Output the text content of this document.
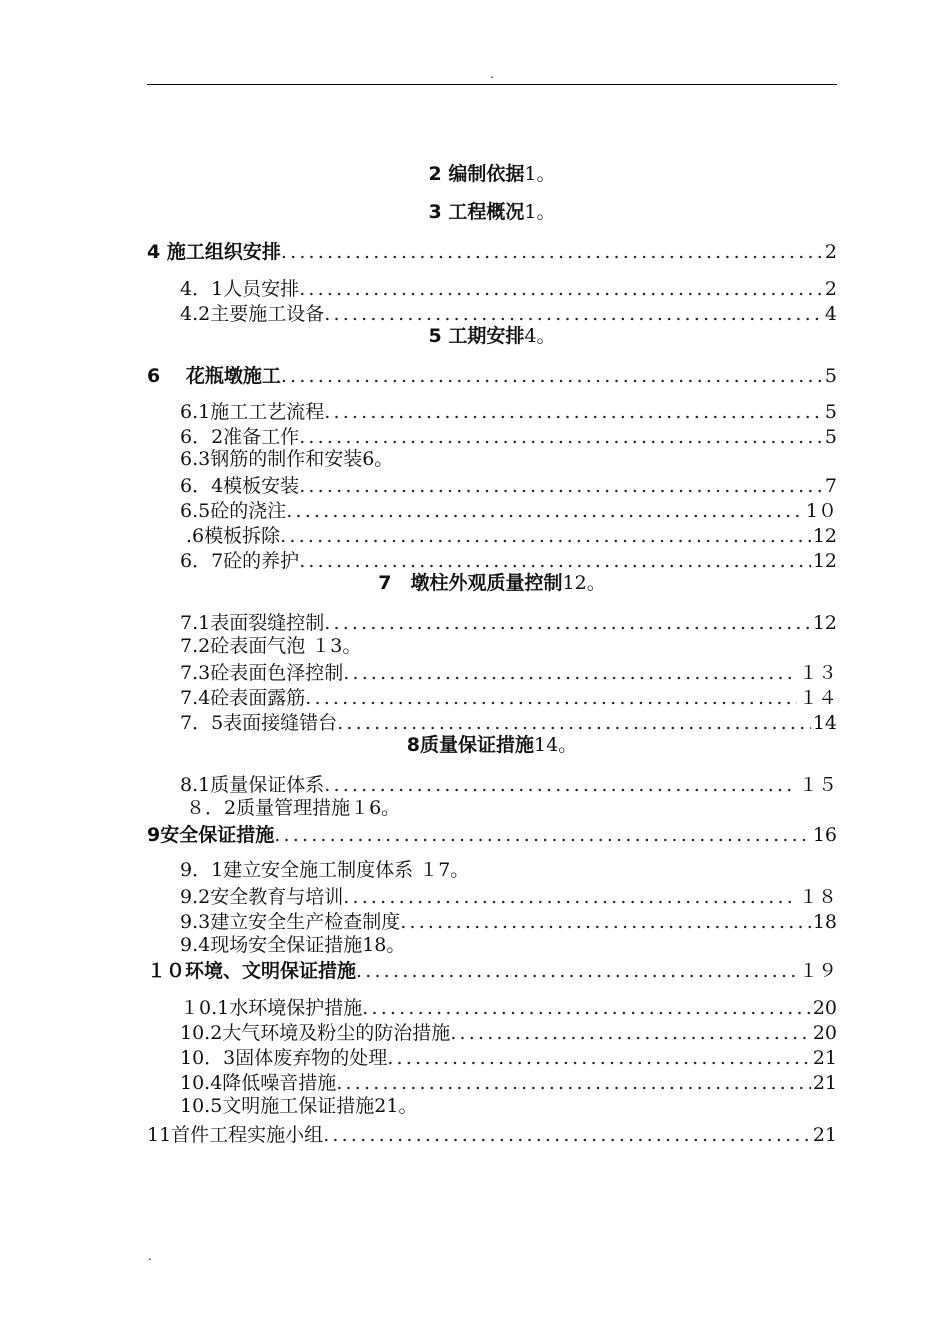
.
2 编制依据1。
3 工程概况1。
4 施工组织安排 .....	2
4．1人员安排 .....	2
4.2主要施工设备 .....	4
5 工期安排4。
6　 花瓶墩施工 .....	5
6.1施工工艺流程 .....	5
6．2准备工作 .....	5
6.3钢筋的制作和安装6。
6．4模板安装 .....	7
6.5砼的浇注 .....	1０
.6模板拆除 .....	12
6．7砼的养护 .....	12
7　墩柱外观质量控制12。
7.1表面裂缝控制 .....	12
7.2砼表面气泡 １3。
7.3砼表面色泽控制 .....	１３
7.4砼表面露筋 .....	１４
7．5表面接缝错台 .....	14
8质量保证措施14。
8.1质量保证体系 .....	１５
８．2质量管理措施１6。
9安全保证措施 .....	16
9．1建立安全施工制度体系 １7。
9.2安全教育与培训 .....	１８
9.3建立安全生产检查制度 .....	18
9.4现场安全保证措施18。
１０环境、文明保证措施 .....	１９
１0.1水环境保护措施 .....	20
10.2大气环境及粉尘的防治措施 .....	20
10．3固体废弃物的处理 .....	21
10.4降低噪音措施 .....	21
10.5文明施工保证措施21。
11首件工程实施小组 .....	21
.
